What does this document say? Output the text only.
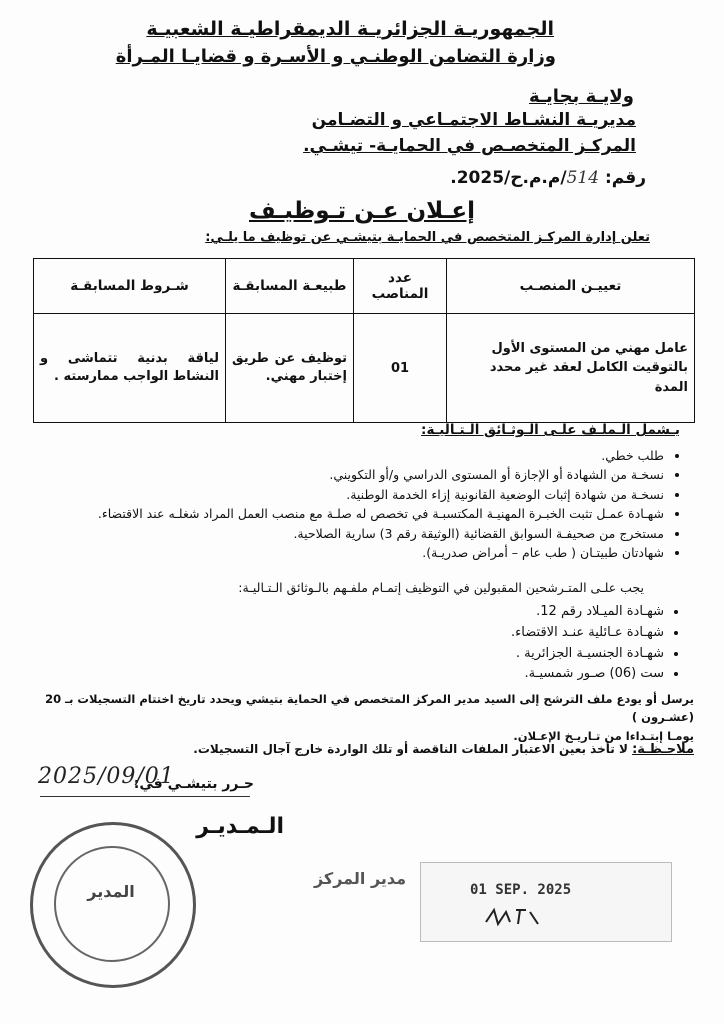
الجمهوريـة الجزائريـة الديمقراطيـة الشعبيـة
وزارة التضامن الوطنـي و الأسـرة و قضايـا المـرأة
ولايـة بجايـة
مديريـة النشـاط الاجتمـاعي و التضـامن
المركـز المتخصـص في الحمايـة- تيشـي.
رقم: 514/م.م.ح/2025.
إعـلان عـن تـوظيـف
تعلن إدارة المركـز المتخصص في الحمايـة بتيشـي عن توظيف ما يلـي:
تعييـن المنصـب	عدد المناصب	طبيعـة المسابقـة	شـروط المسابقـة
عامل مهني من المستوى الأول بالتوقيت الكامل لعقد غير محدد المدة	01	توظيف عن طريق إختبار مهني.	لياقة بدنية تتماشى و النشاط الواجب ممارسته .
يـشمل الـملـف علـى الـوثـائق الـتـاليـة:
• طلب خطي.
• نسخـة من الشهادة أو الإجازة أو المستوى الدراسي و/أو التكويني.
• نسخـة من شهادة إثبات الوضعية القانونية إزاء الخدمة الوطنية.
• شهـادة عمـل تثبت الخبـرة المهنيـة المكتسبـة في تخصص له صلـة مع منصب العمل المراد شغلـه عند الاقتضاء.
• مستخرج من صحيفـة السوابق القضائية (الوثيقة رقم 3) سارية الصلاحية.
• شهادتان طبيتـان ( طب عام – أمراض صدريـة).
يجب علـى المتـرشحين المقبولين في التوظيف إتمـام ملفـهم بالـوثائق الـتـاليـة:
• شهـادة الميـلاد رقم 12.
• شهـادة عـائلية عنـد الاقتضاء.
• شهـادة الجنسيـة الجزائرية .
• ست (06) صـور شمسيـة.
يرسل أو يودع ملف الترشح إلى السيد مدير المركز المتخصص في الحماية بتيشي ويحدد تاريخ اختتام التسجيلات بـ 20 (عشـرون )
يومـا إبتـداءا من تـاريـخ الإعـلان.
ملاحـظـة: لا تأخذ بعين الاعتبار الملفات الناقصة أو تلك الواردة خارج آجال التسجيلات.
حـرر بتيشـي في:
2025/09/01
الـمـديـر
المدير
مدير المركز
01 SEP. 2025
